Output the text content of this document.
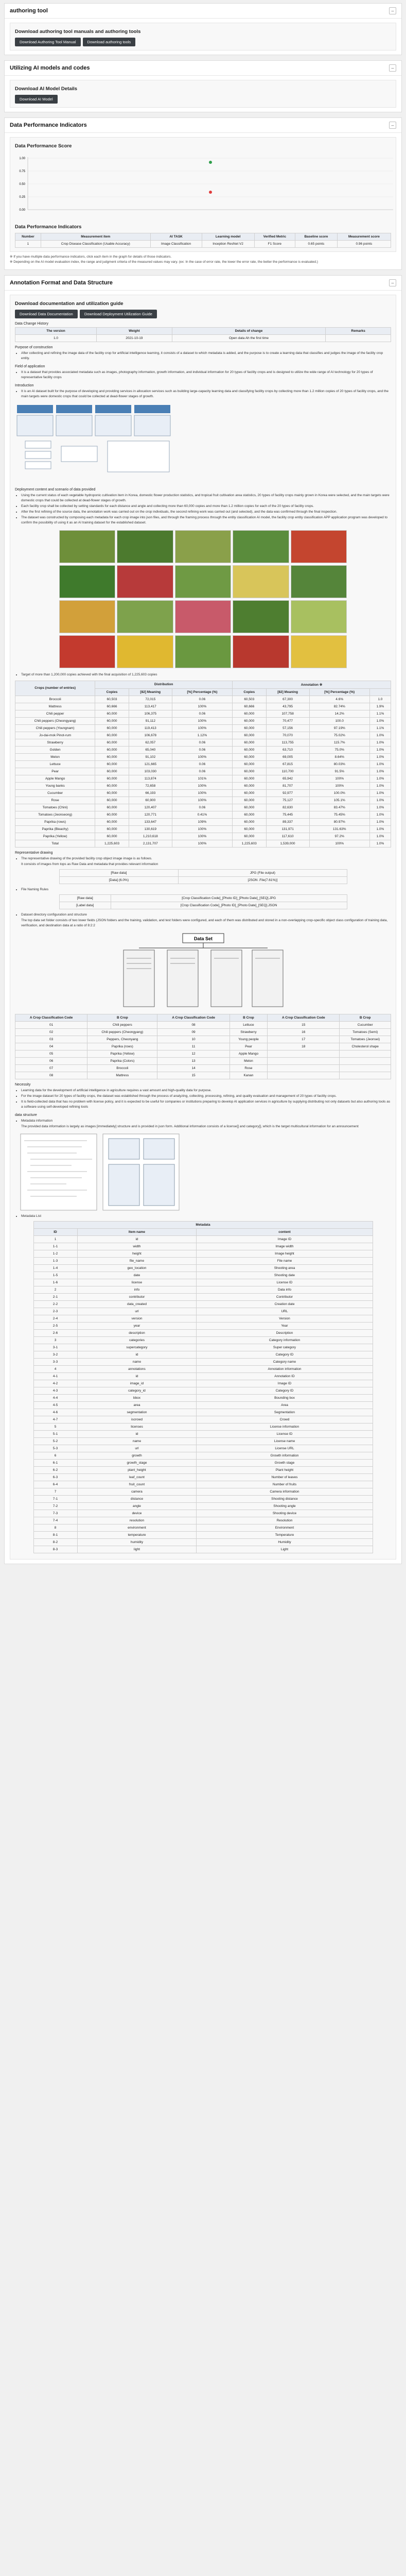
authoring tool	–
Download authoring tool manuals and authoring tools
Download Authoring Tool Manual	Download authoring tools
Utilizing AI models and codes	–
Download AI Model Details
Download AI Model
Data Performance Indicators	–
Data Performance Score
1.00
0.75
0.50
0.25
0.00
Data Performance Indicators
Number	Measurement item	AI TASK	Learning model	Verified Metric	Baseline score	Measurement score
1	Crop Disease Classification (Usable Accuracy)	Image Classification	Inception ResNet V2	F1 Score	0.65 points	0.96 points

※ If you have multiple data performance indicators, click each item in the graph for details of those indicators.

※ Depending on the AI model evaluation index, the range and judgment criteria of the measured values may vary. (ex: In the case of error rate, the lower the error rate, the better the performance is evaluated.)

Annotation Format and Data Structure	–
Download documentation and utilization guide
Download Data Documentation	Download Deployment Utilization Guide

Data Change History

The version	Weight	Details of change	Remarks
1.0	2021-10-19	Open data Ah the first time	

Purpose of construction

• After collecting and refining the image data of the facility crop for artificial intelligence learning, it consists of a dataset to which metadata is added, and the purpose is to create a learning data that classifies and judges the image of the facility crop entity.

Field of application

• It is a dataset that provides associated metadata such as images, photography information, growth information, and individual information for 20 types of facility crops and is designed to utilize the wide range of AI technology for 20 types of representative facility crops

Introduction

• It is an AI dataset built for the purpose of developing and providing services in allocation services such as building large-capacity learning data and classifying facility crops by collecting more than 1.2 million copies of 20 types of facility crops, and the main targets were domestic crops that could be collected at dead-flower stages of growth.

Deployment content and scenario of data provided

• Using the current status of each vegetable hydroponic cultivation item in Korea, domestic flower production statistics, and tropical fruit cultivation area statistics, 20 types of facility crops mainly grown in Korea were selected, and the main targets were domestic crops that could be collected at dead-flower stages of growth.
• Each facility crop shall be collected by setting standards for each distance and angle and collecting more than 60,000 copies and more than 1.2 million copies for each of the 20 types of facility crops.
• After the first refining of the source data, the annotation work was carried out on the crop individuals, the second refining work was carried out (and selected), and the data was confirmed through the final inspection.
• The dataset was constructed by composing each metadata for each crop image into json files, and through the framing process through the entity classification AI model, the facility crop entity classification APP application program was developed to confirm the possibility of using it as an AI training dataset for the established dataset.
• Target of more than 1,200,000 copies achieved with the final acquisition of 1,225,603 copies
Crops (number of entries)	Distribution			Annotation ※			
	Copies	[82] Meaning	[%] Percentage (%)	Copies	[82] Meaning	[%] Percentage (%)	
Broccoli	60,503	72,015	0.06	60,503	67,300	4.6%	1.0
Mattress	60,666	113,417	100%	60,666	43,795	82.74%	1.9%
Chili pepper	60,000	106,375	0.06	60,000	107,758	14.2%	1.1%
Chili peppers (Cheongyang)	60,000	91,112	100%	60,000	70,477	100.0	1.0%
Chili peppers (Youngnam)	60,000	119,413	100%	60,000	57,156	97.19%	1.1%
Jo-dai-mok Pinot-rum	60,000	106,678	1.12%	60,000	70,070	75.02%	1.0%
Strawberry	60,000	62,057	0.06	60,000	113,755	115.7%	1.0%
Golden	60,000	65,040	0.06	60,000	63,710	75.0%	1.0%
Melon	60,000	91,102	100%	60,000	69,005	8.64%	1.0%
Lettuce	60,000	121,665	0.06	60,000	67,815	80.03%	1.0%
Pear	60,000	103,030	0.06	60,000	110,700	91.5%	1.0%
Apple Mango	60,000	113,874	101%	60,000	65,942	100%	1.0%
Young banks	60,000	72,658	100%	60,000	81,707	100%	1.0%
Cucumber	60,000	66,193	100%	60,000	92,977	100.0%	1.0%
Rose	60,000	60,900	100%	60,000	75,127	105.1%	1.0%
Tomatoes (Chini)	60,000	120,407	0.06	60,000	82,630	83.47%	1.0%
Tomatoes (Jeonseong)	60,000	120,771	0.41%	60,000	75,445	75.45%	1.0%
Paprika (rows)	60,000	133,647	109%	60,000	89,337	80.97%	1.0%
Paprika (Bleachy)	60,000	130,619	100%	60,000	131,971	131.63%	1.0%
Paprika (Yellow)	60,000	1,210,618	100%	60,000	117,610	97.2%	1.0%
Total	1,225,603	2,131,707	100%	1,225,603	1,539,000	100%	1.0%

Representative drawing

• The representative drawing of the provided facility crop object image image is as follows.
It consists of images from tops as Raw Data and metadata that provides relevant information
[Raw data]	JPG (File output)
[Data] (6.0%)	[JSON .File(7.61%)]
• File Naming Rules
[Raw data]	[Crop Classification Code]_[Photo ID]_[Photo Date]_[SEQ].JPG
[Label data]	[Crop Classification Code]_[Photo ID]_[Photo Date]_[SEQ].JSON
• Dataset directory configuration and structure
The top data set folder consists of two lower fields (JSON folders and the training, validation, and test folders were configured, and each of them was distributed and stored in a non-overlapping crop-specific object class configuration of training data, verification, and destination data at a ratio of 8:2:2
Data Set
A Crop Classification Code	B Crop	A Crop Classification Code	B Crop	A Crop Classification Code	B Crop
01	Chili peppers	08	Lettuce	15	Cucumber
02	Chili peppers (Cheongyang)	09	Strawberry	16	Tomatoes (Semi)
03	Peppers, Cheonyang	10	Young people	17	Tomatoes (Jeonsei)
04	Paprika (rows)	11	Pear	18	Cholesterol shape
05	Paprika (Yellow)	12	Apple Mango		
06	Paprika (Colors)	13	Melon		
07	Broccoli	14	Rose		
08	Mattress	15	Kanan		

Necessity

• Learning data for the development of artificial intelligence in agriculture requires a vast amount and high-quality data for purpose.
• For the image dataset for 20 types of facility crops, the dataset was established through the process of analyzing, collecting, processing, refining, and quality evaluation and management of 20 types of facility crops.
• It is field-collected data that has no problem with license policy, and it is expected to be useful for companies or institutions preparing to develop AI application services in agriculture by supplying distributing not only datasets but also authoring tools as a software using self-developed refining tools

data structure

• Metadata information
The provided data information is largely as images [immediately] structure and is provided in json form. Additional information consists of a license[] and category[], which is the target multicultural information for an announcement
• Metadata List
Metadata		
ID	Item name	content
1	id	Image ID
1-1	width	Image width
1-2	height	Image height
1-3	file_name	File name
1-4	geo_location	Shooting area
1-5	date	Shooting date
1-6	license	License ID
2	info	Data info
2-1	contributor	Contributor
2-2	data_created	Creation date
2-3	url	URL
2-4	version	Version
2-5	year	Year
2-6	description	Description
3	categories	Category information
3-1	supercategory	Super category
3-2	id	Category ID
3-3	name	Category name
4	annotations	Annotation information
4-1	id	Annotation ID
4-2	image_id	Image ID
4-3	category_id	Category ID
4-4	bbox	Bounding box
4-5	area	Area
4-6	segmentation	Segmentation
4-7	iscrowd	Crowd
5	licenses	License information
5-1	id	License ID
5-2	name	License name
5-3	url	License URL
6	growth	Growth information
6-1	growth_stage	Growth stage
6-2	plant_height	Plant height
6-3	leaf_count	Number of leaves
6-4	fruit_count	Number of fruits
7	camera	Camera information
7-1	distance	Shooting distance
7-2	angle	Shooting angle
7-3	device	Shooting device
7-4	resolution	Resolution
8	environment	Environment
8-1	temperature	Temperature
8-2	humidity	Humidity
8-3	light	Light
